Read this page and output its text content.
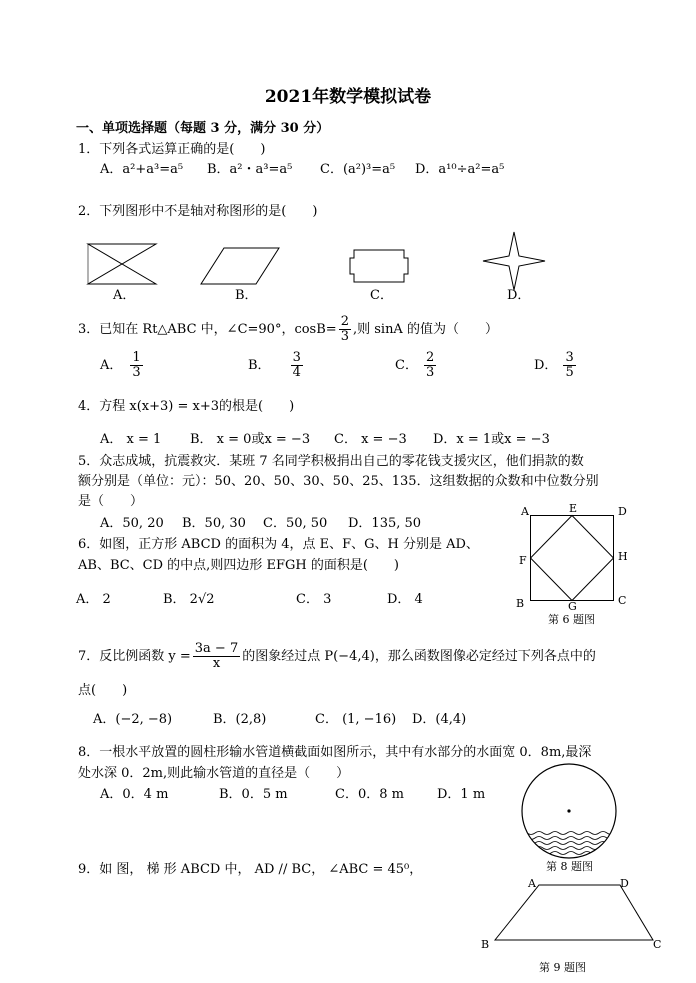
2021年数学模拟试卷
一、单项选择题（每题 3 分，满分 30 分）
1．下列各式运算正确的是(　　)
A．a²+a³=a⁵ B．a²・a³=a⁵ C．(a²)³=a⁵ D．a¹⁰÷a²=a⁵
2．下列图形中不是轴对称图形的是(　　)
A．	B．	C．	D．
3．已知在 Rt△ABC 中，∠C=90°，$\cos B= \frac{2}{3}$ ,则 sinA 的值为（　　）
A． $\frac{1}{3}$	B． $\frac{3}{4}$	C． $\frac{2}{3}$	D． $\frac{3}{5}$
4．方程 x(x+3) = x+3的根是(　　)
A． x = 1 B． x = 0或x = −3 C． x = −3 D．x = 1或x = −3
5．众志成城，抗震救灾．某班 7 名同学积极捐出自己的零花钱支援灾区，他们捐款的数
额分别是（单位：元）：50、20、50、30、50、25、135．这组数据的众数和中位数分别
是（　　）
A．50, 20 B．50, 30 C．50, 50 D．135, 50
6．如图，正方形 ABCD 的面积为 4，点 E、F、G、H 分别是 AD、
AB、BC、CD 的中点,则四边形 EFGH 的面积是(　　)
A． 2	B． 2√2	C． 3	D． 4
A	E	D
F	H
B	G	C
第 6 题图
7．反比例函数 $y = \frac{3a - 7}{x}$ 的图象经过点 P(−4,4)，那么函数图像必定经过下列各点中的
点(　　)
A．(−2, −8)	B．(2,8)	C． (1, −16) D．(4,4)
8．一根水平放置的圆柱形输水管道横截面如图所示，其中有水部分的水面宽 0．8m,最深
处水深 0．2m,则此输水管道的直径是（　　）
A．0．4 m	B．0．5 m	C．0．8 m	D．1 m
第 8 题图
9．如 图， 梯 形 ABCD 中， AD // BC， ∠ABC = 45⁰，
A	D
B	C
第 9 题图
